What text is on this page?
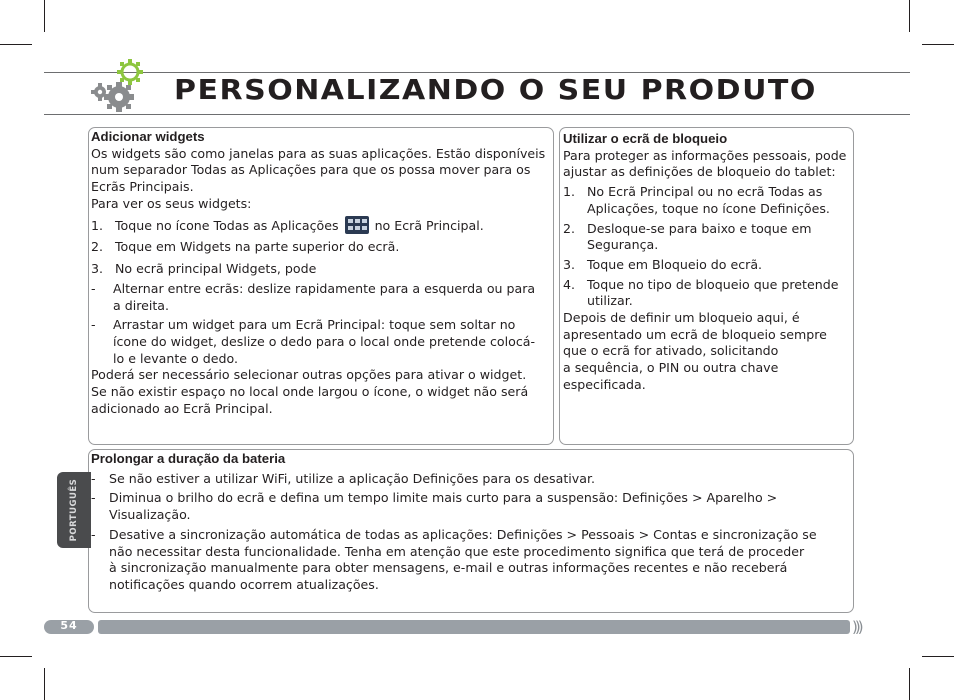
PERSONALIZANDO O SEU PRODUTO
Adicionar widgets
Os widgets são como janelas para as suas aplicações. Estão disponíveis
num separador Todas as Aplicações para que os possa mover para os
Ecrãs Principais.
Para ver os seus widgets:
1. Toque no ícone Todas as Aplicações	no Ecrã Principal.
2. Toque em Widgets na parte superior do ecrã.
3. No ecrã principal Widgets, pode
- Alternar entre ecrãs: deslize rapidamente para a esquerda ou para
a direita.
- Arrastar um widget para um Ecrã Principal: toque sem soltar no
ícone do widget, deslize o dedo para o local onde pretende colocá-
lo e levante o dedo.
Poderá ser necessário selecionar outras opções para ativar o widget.
Se não existir espaço no local onde largou o ícone, o widget não será
adicionado ao Ecrã Principal.
Utilizar o ecrã de bloqueio
Para proteger as informações pessoais, pode
ajustar as definições de bloqueio do tablet:
1. No Ecrã Principal ou no ecrã Todas as
Aplicações, toque no ícone Definições.
2. Desloque-se para baixo e toque em
Segurança.
3. Toque em Bloqueio do ecrã.
4. Toque no tipo de bloqueio que pretende
utilizar.
Depois de definir um bloqueio aqui, é
apresentado um ecrã de bloqueio sempre
que o ecrã for ativado, solicitando
a sequência, o PIN ou outra chave
especificada.
Prolongar a duração da bateria
- Se não estiver a utilizar WiFi, utilize a aplicação Definições para os desativar.
- Diminua o brilho do ecrã e defina um tempo limite mais curto para a suspensão: Definições > Aparelho >
Visualização.
- Desative a sincronização automática de todas as aplicações: Definições > Pessoais > Contas e sincronização se
não necessitar desta funcionalidade. Tenha em atenção que este procedimento significa que terá de proceder
à sincronização manualmente para obter mensagens, e-mail e outras informações recentes e não receberá
notificações quando ocorrem atualizações.
PORTUGUÊS
54	)))
